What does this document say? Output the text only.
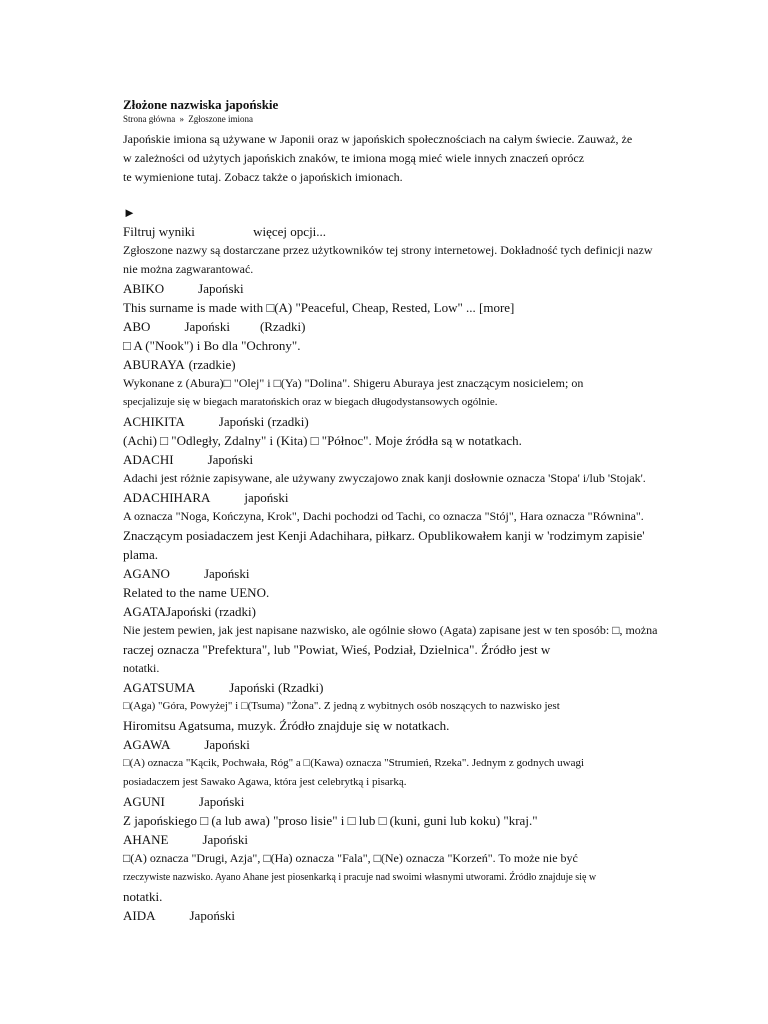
Złożone nazwiska japońskie
Strona główna » Zgłoszone imiona

Japońskie imiona są używane w Japonii oraz w japońskich społecznościach na całym świecie. Zauważ, że
w zależności od użytych japońskich znaków, te imiona mogą mieć wiele innych znaczeń oprócz
te wymienione tutaj. Zobacz także o japońskich imionach.

►
Filtruj wyniki	więcej opcji...

Zgłoszone nazwy są dostarczane przez użytkowników tej strony internetowej. Dokładność tych definicji nazw
nie można zagwarantować.

ABIKO	Japoński
This surname is made with □(A) "Peaceful, Cheap, Rested, Low" ... [more]
ABO	Japoński (Rzadki)
□ A ("Nook") i Bo dla "Ochrony".
ABURAYA (rzadkie)
Wykonane z (Abura)□ "Olej" i □(Ya) "Dolina". Shigeru Aburaya jest znaczącym nosicielem; on
specjalizuje się w biegach maratońskich oraz w biegach długodystansowych ogólnie.
ACHIKITA	Japoński (rzadki)
(Achi) □ "Odległy, Zdalny" i (Kita) □ "Północ". Moje źródła są w notatkach.
ADACHI	Japoński
Adachi jest różnie zapisywane, ale używany zwyczajowo znak kanji dosłownie oznacza 'Stopa' i/lub 'Stojak'.
ADACHIHARA	japoński
A oznacza "Noga, Kończyna, Krok", Dachi pochodzi od Tachi, co oznacza "Stój", Hara oznacza "Równina".
Znaczącym posiadaczem jest Kenji Adachihara, piłkarz. Opublikowałem kanji w 'rodzimym zapisie'
plama.
AGANO	Japoński
Related to the name UENO.
AGATAJapoński (rzadki)
Nie jestem pewien, jak jest napisane nazwisko, ale ogólnie słowo (Agata) zapisane jest w ten sposób: □, można
raczej oznacza "Prefektura", lub "Powiat, Wieś, Podział, Dzielnica". Źródło jest w
notatki.
AGATSUMA	Japoński (Rzadki)
□(Aga) "Góra, Powyżej" i □(Tsuma) "Żona". Z jedną z wybitnych osób noszących to nazwisko jest
Hiromitsu Agatsuma, muzyk. Źródło znajduje się w notatkach.
AGAWA	Japoński
□(A) oznacza "Kącik, Pochwała, Róg" a □(Kawa) oznacza "Strumień, Rzeka". Jednym z godnych uwagi
posiadaczem jest Sawako Agawa, która jest celebrytką i pisarką.
AGUNI	Japoński
Z japońskiego □ (a lub awa) "proso lisie" i □ lub □ (kuni, guni lub koku) "kraj."
AHANE	Japoński
□(A) oznacza "Drugi, Azja", □(Ha) oznacza "Fala", □(Ne) oznacza "Korzeń". To może nie być
rzeczywiste nazwisko. Ayano Ahane jest piosenkarką i pracuje nad swoimi własnymi utworami. Źródło znajduje się w
notatki.
AIDA	Japoński
